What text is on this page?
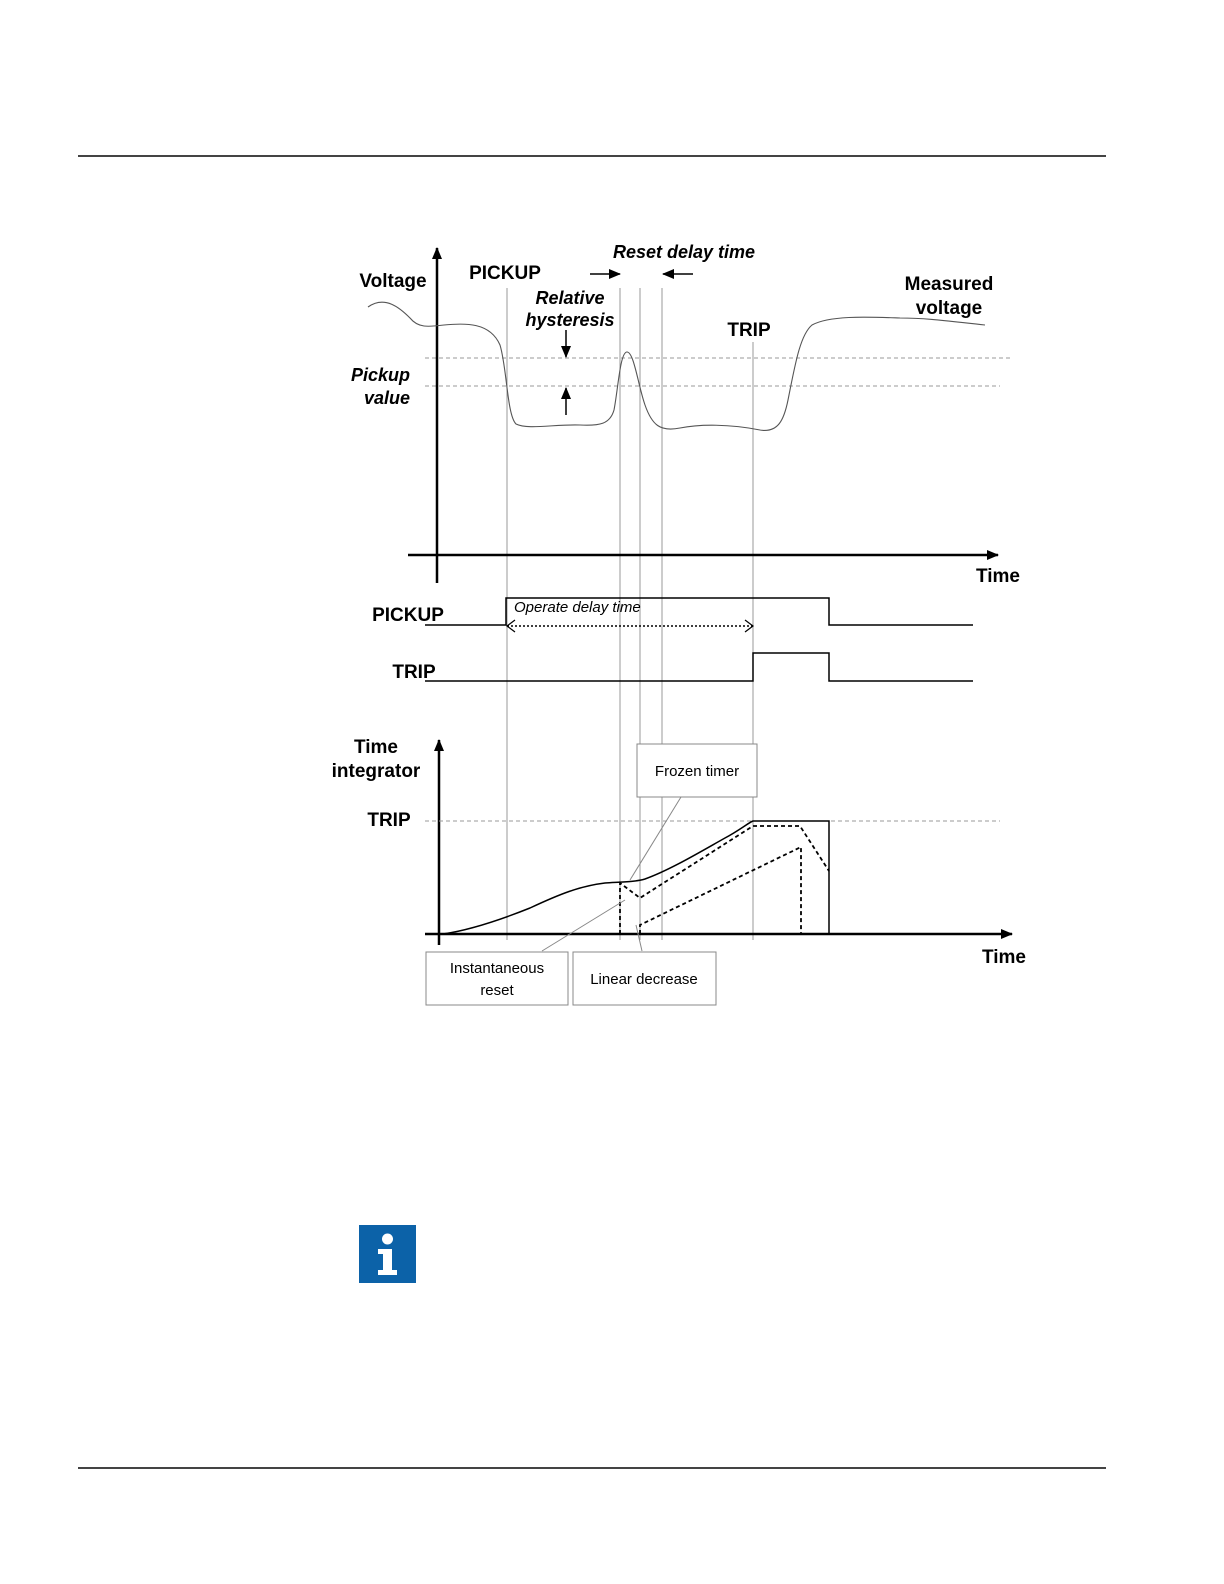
Voltage PICKUP
Reset delay time
Relative
hysteresis
Pickup
value
TRIP
Measured
voltage
Time
PICKUP	Operate delay time
TRIP
Time
integrator
TRIP
Time
Frozen timer
Instantaneous
reset
Linear decrease
